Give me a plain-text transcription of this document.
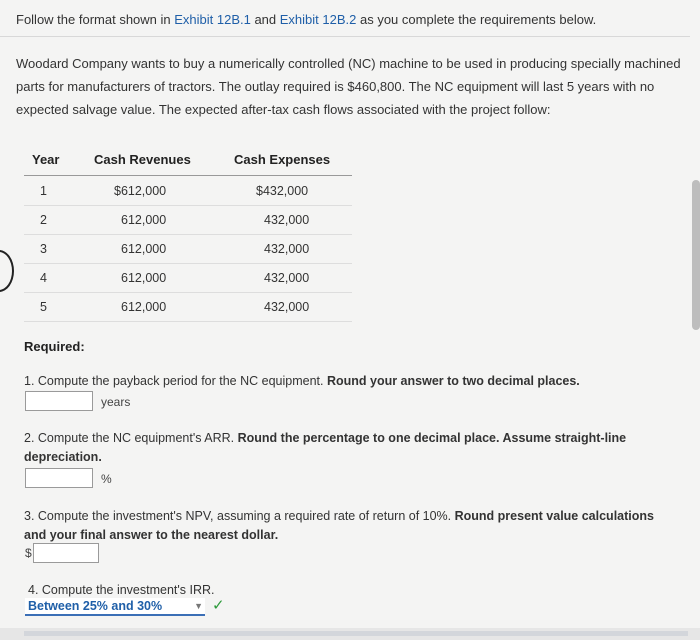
Follow the format shown in Exhibit 12B.1 and Exhibit 12B.2 as you complete the requirements below.
Woodard Company wants to buy a numerically controlled (NC) machine to be used in producing specially machined parts for manufacturers of tractors. The outlay required is $460,800. The NC equipment will last 5 years with no expected salvage value. The expected after-tax cash flows associated with the project follow:
Year	Cash Revenues	Cash Expenses
1	$612,000	$432,000
2	612,000	432,000
3	612,000	432,000
4	612,000	432,000
5	612,000	432,000
Required:
1. Compute the payback period for the NC equipment. Round your answer to two decimal places.
years
2. Compute the NC equipment's ARR. Round the percentage to one decimal place. Assume straight-line depreciation.
%
3. Compute the investment's NPV, assuming a required rate of return of 10%. Round present value calculations and your final answer to the nearest dollar.
$
4. Compute the investment's IRR.
Between 25% and 30%	▼ ✓
